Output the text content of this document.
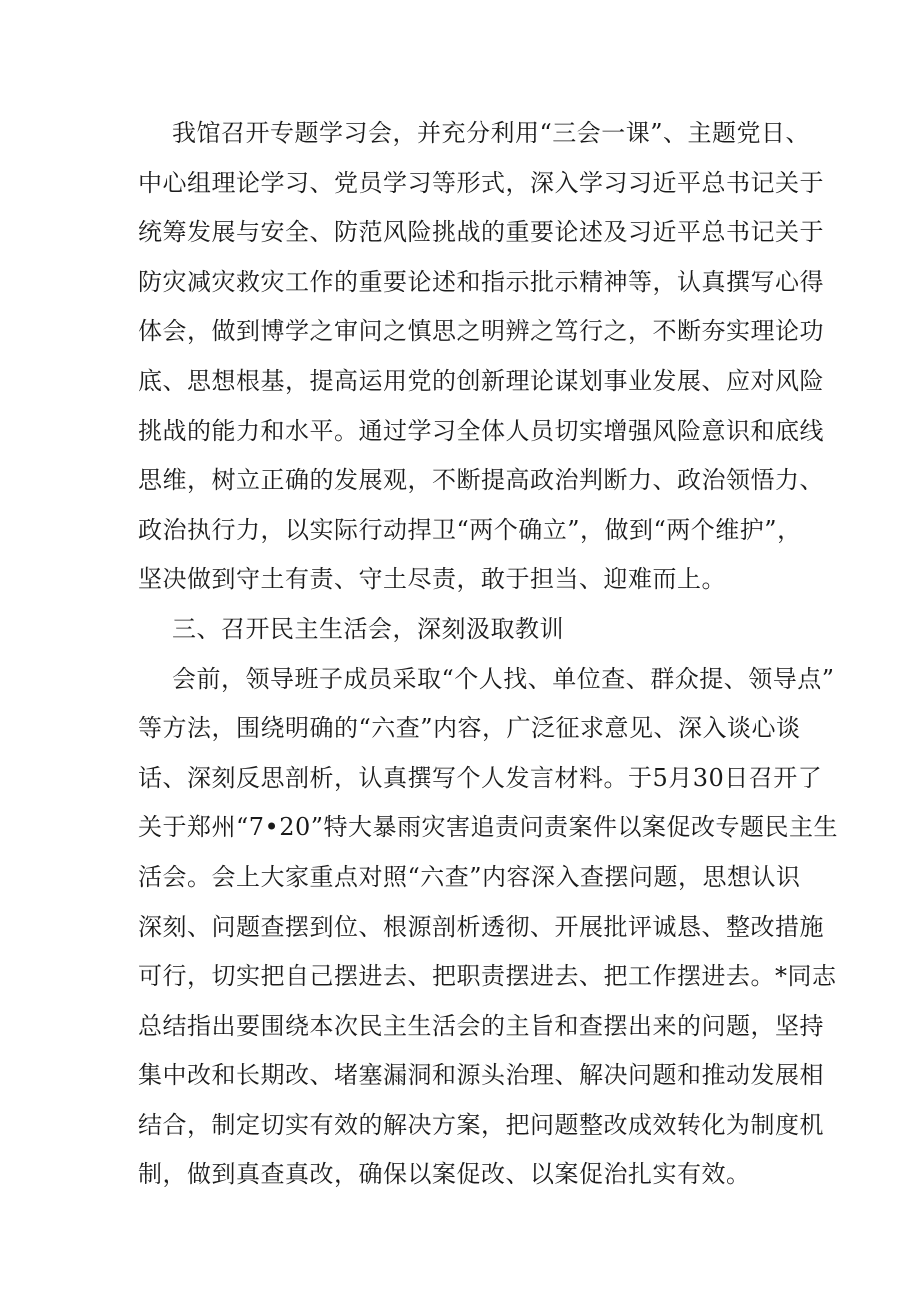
我馆召开专题学习会，并充分利用“三会一课”、主题党日、
中心组理论学习、党员学习等形式，深入学习习近平总书记关于
统筹发展与安全、防范风险挑战的重要论述及习近平总书记关于
防灾减灾救灾工作的重要论述和指示批示精神等，认真撰写心得
体会，做到博学之审问之慎思之明辨之笃行之，不断夯实理论功
底、思想根基，提高运用党的创新理论谋划事业发展、应对风险
挑战的能力和水平。通过学习全体人员切实增强风险意识和底线
思维，树立正确的发展观，不断提高政治判断力、政治领悟力、
政治执行力，以实际行动捍卫“两个确立”，做到“两个维护”，
坚决做到守土有责、守土尽责，敢于担当、迎难而上。
三、召开民主生活会，深刻汲取教训
会前，领导班子成员采取“个人找、单位查、群众提、领导点”
等方法，围绕明确的“六查”内容，广泛征求意见、深入谈心谈
话、深刻反思剖析，认真撰写个人发言材料。于5月30日召开了
关于郑州“7•20”特大暴雨灾害追责问责案件以案促改专题民主生
活会。会上大家重点对照“六查”内容深入查摆问题，思想认识
深刻、问题查摆到位、根源剖析透彻、开展批评诚恳、整改措施
可行，切实把自己摆进去、把职责摆进去、把工作摆进去。*同志
总结指出要围绕本次民主生活会的主旨和查摆出来的问题，坚持
集中改和长期改、堵塞漏洞和源头治理、解决问题和推动发展相
结合，制定切实有效的解决方案，把问题整改成效转化为制度机
制，做到真查真改，确保以案促改、以案促治扎实有效。
